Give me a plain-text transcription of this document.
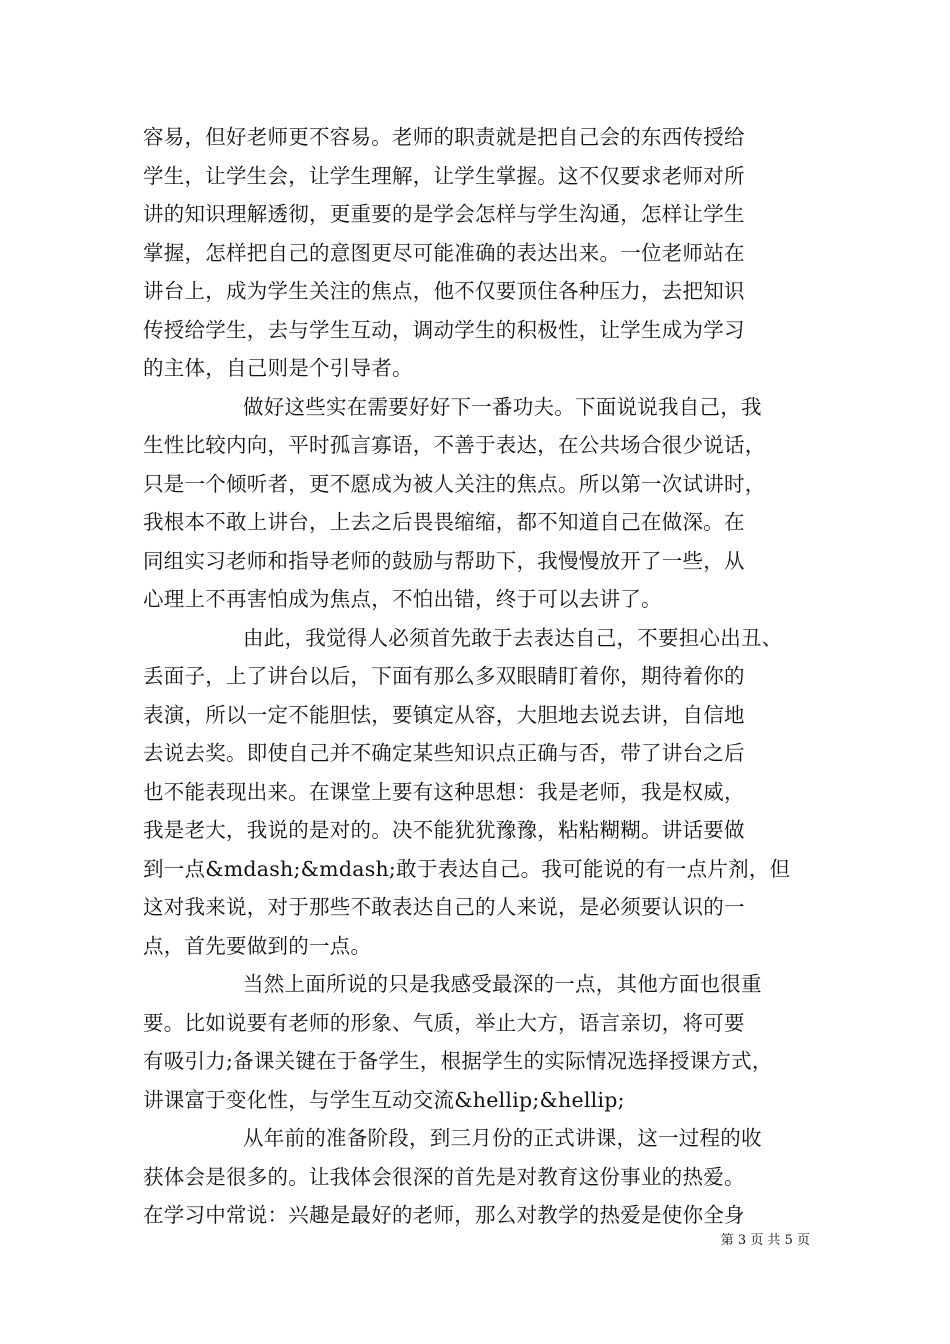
容易，但好老师更不容易。老师的职责就是把自己会的东西传授给
学生，让学生会，让学生理解，让学生掌握。这不仅要求老师对所
讲的知识理解透彻，更重要的是学会怎样与学生沟通，怎样让学生
掌握，怎样把自己的意图更尽可能准确的表达出来。一位老师站在
讲台上，成为学生关注的焦点，他不仅要顶住各种压力，去把知识
传授给学生，去与学生互动，调动学生的积极性，让学生成为学习
的主体，自己则是个引导者。
做好这些实在需要好好下一番功夫。下面说说我自己，我
生性比较内向，平时孤言寡语，不善于表达，在公共场合很少说话，
只是一个倾听者，更不愿成为被人关注的焦点。所以第一次试讲时，
我根本不敢上讲台，上去之后畏畏缩缩，都不知道自己在做深。在
同组实习老师和指导老师的鼓励与帮助下，我慢慢放开了一些，从
心理上不再害怕成为焦点，不怕出错，终于可以去讲了。
由此，我觉得人必须首先敢于去表达自己，不要担心出丑、
丢面子，上了讲台以后，下面有那么多双眼睛盯着你，期待着你的
表演，所以一定不能胆怯，要镇定从容，大胆地去说去讲，自信地
去说去奖。即使自己并不确定某些知识点正确与否，带了讲台之后
也不能表现出来。在课堂上要有这种思想：我是老师，我是权威，
我是老大，我说的是对的。决不能犹犹豫豫，粘粘糊糊。讲话要做
到一点&mdash;&mdash;敢于表达自己。我可能说的有一点片剂，但
这对我来说，对于那些不敢表达自己的人来说，是必须要认识的一
点，首先要做到的一点。
当然上面所说的只是我感受最深的一点，其他方面也很重
要。比如说要有老师的形象、气质，举止大方，语言亲切，将可要
有吸引力;备课关键在于备学生，根据学生的实际情况选择授课方式，
讲课富于变化性，与学生互动交流&hellip;&hellip;
从年前的准备阶段，到三月份的正式讲课，这一过程的收
获体会是很多的。让我体会很深的首先是对教育这份事业的热爱。
在学习中常说：兴趣是最好的老师，那么对教学的热爱是使你全身
第 3 页 共 5 页
